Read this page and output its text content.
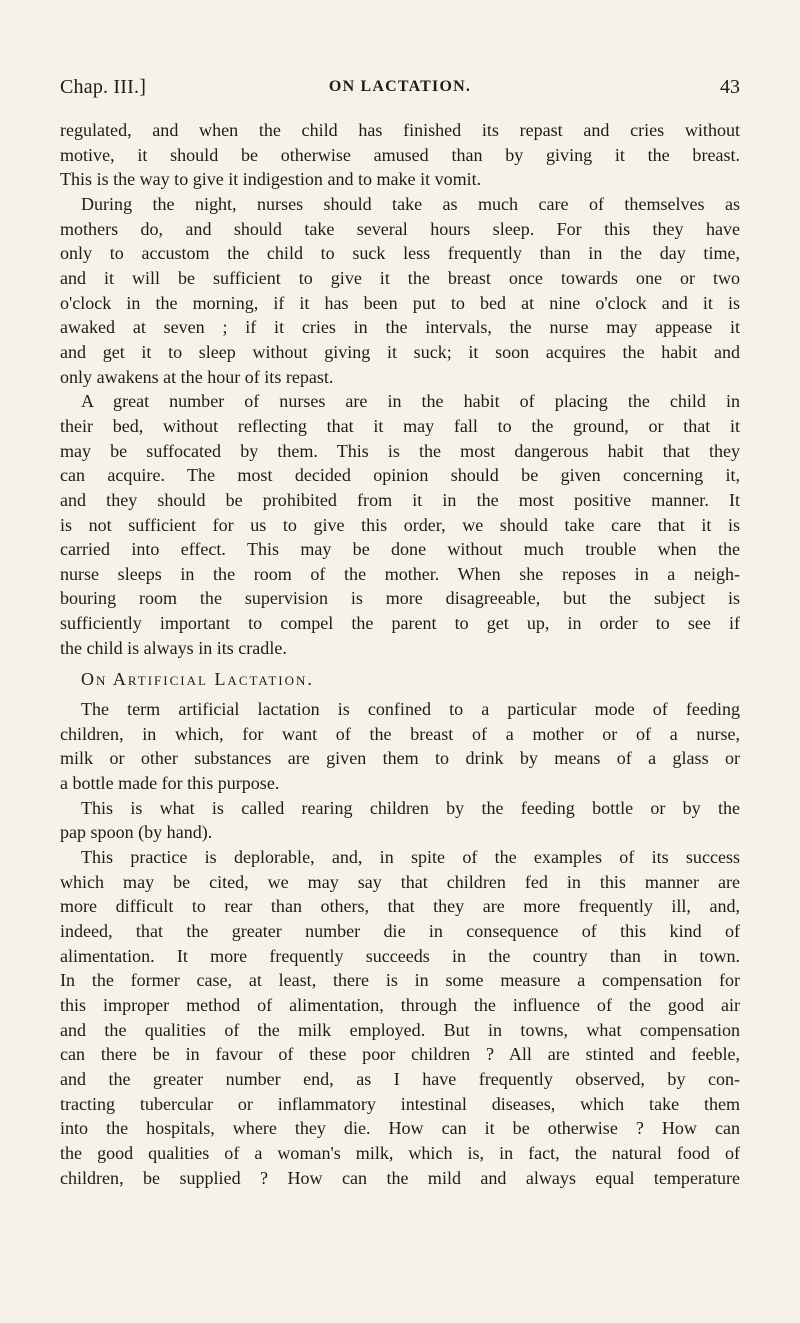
Chap. III.]	ON LACTATION.	43
regulated, and when the child has finished its repast and cries without
motive, it should be otherwise amused than by giving it the breast.
This is the way to give it indigestion and to make it vomit.
During the night, nurses should take as much care of themselves as
mothers do, and should take several hours sleep. For this they have
only to accustom the child to suck less frequently than in the day time,
and it will be sufficient to give it the breast once towards one or two
o'clock in the morning, if it has been put to bed at nine o'clock and it is
awaked at seven ; if it cries in the intervals, the nurse may appease it
and get it to sleep without giving it suck; it soon acquires the habit and
only awakens at the hour of its repast.
A great number of nurses are in the habit of placing the child in
their bed, without reflecting that it may fall to the ground, or that it
may be suffocated by them. This is the most dangerous habit that they
can acquire. The most decided opinion should be given concerning it,
and they should be prohibited from it in the most positive manner. It
is not sufficient for us to give this order, we should take care that it is
carried into effect. This may be done without much trouble when the
nurse sleeps in the room of the mother. When she reposes in a neigh-
bouring room the supervision is more disagreeable, but the subject is
sufficiently important to compel the parent to get up, in order to see if
the child is always in its cradle.
On Artificial Lactation.
The term artificial lactation is confined to a particular mode of feeding
children, in which, for want of the breast of a mother or of a nurse,
milk or other substances are given them to drink by means of a glass or
a bottle made for this purpose.
This is what is called rearing children by the feeding bottle or by the
pap spoon (by hand).
This practice is deplorable, and, in spite of the examples of its success
which may be cited, we may say that children fed in this manner are
more difficult to rear than others, that they are more frequently ill, and,
indeed, that the greater number die in consequence of this kind of
alimentation. It more frequently succeeds in the country than in town.
In the former case, at least, there is in some measure a compensation for
this improper method of alimentation, through the influence of the good air
and the qualities of the milk employed. But in towns, what compensation
can there be in favour of these poor children ? All are stinted and feeble,
and the greater number end, as I have frequently observed, by con-
tracting tubercular or inflammatory intestinal diseases, which take them
into the hospitals, where they die. How can it be otherwise ? How can
the good qualities of a woman's milk, which is, in fact, the natural food of
children, be supplied ? How can the mild and always equal temperature
